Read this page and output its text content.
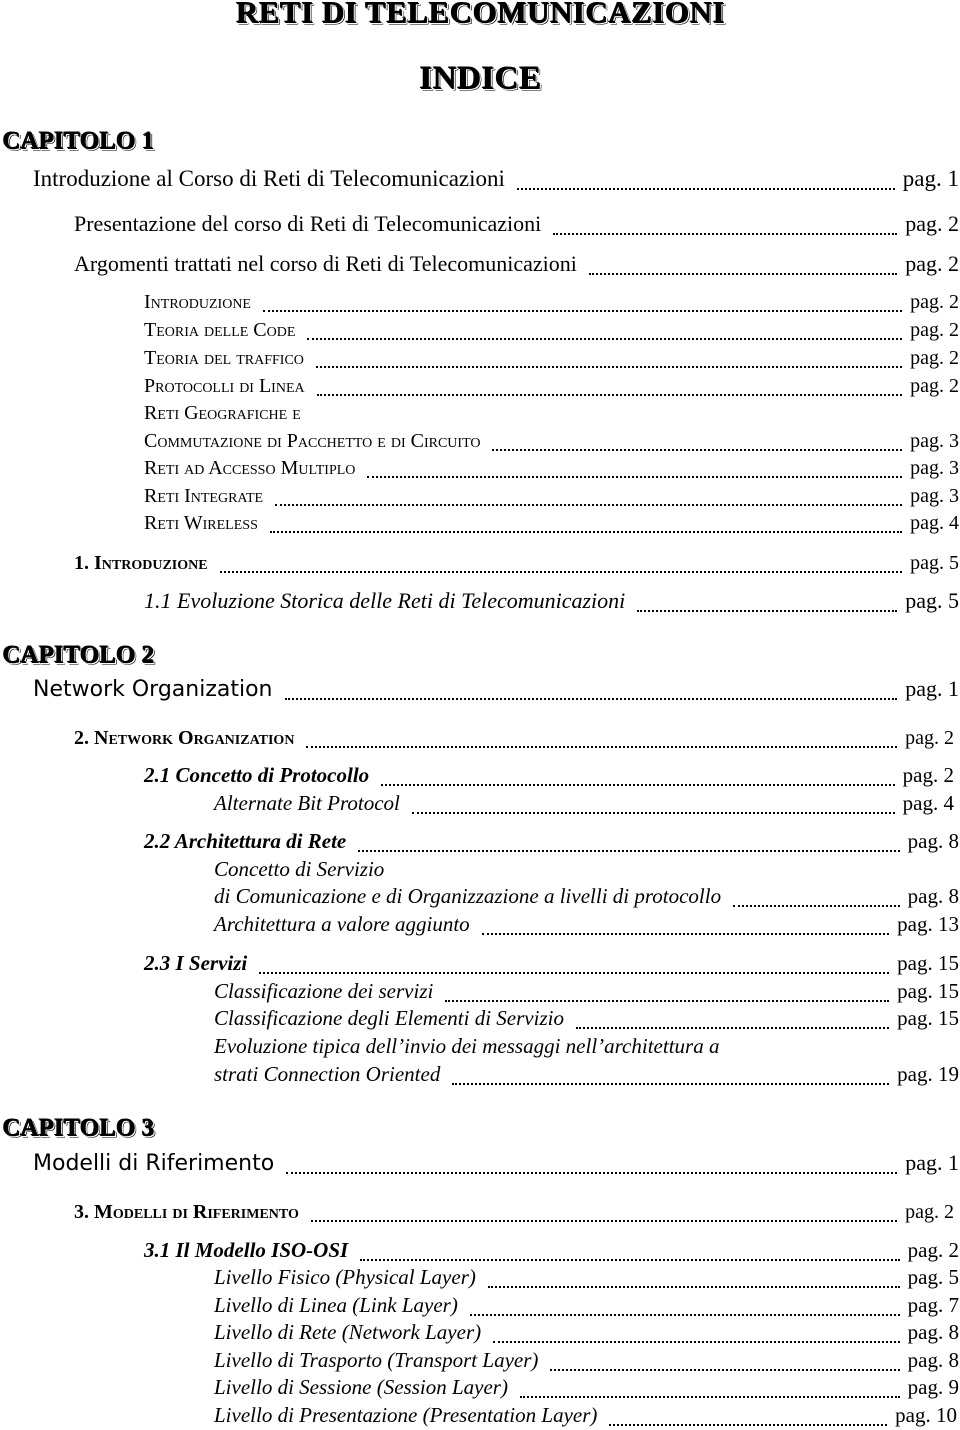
RETI DI TELECOMUNICAZIONI
INDICE
CAPITOLO 1
Introduzione al Corso di Reti di Telecomunicazioni	pag. 1
Presentazione del corso di Reti di Telecomunicazioni	pag. 2
Argomenti trattati nel corso di Reti di Telecomunicazioni	pag. 2
Introduzione	pag. 2
Teoria delle Code	pag. 2
Teoria del traffico	pag. 2
Protocolli di Linea	pag. 2
Reti Geografiche e
Commutazione di Pacchetto e di Circuito	pag. 3
Reti ad Accesso Multiplo	pag. 3
Reti Integrate	pag. 3
Reti Wireless	pag. 4
1. Introduzione	pag. 5
1.1 Evoluzione Storica delle Reti di Telecomunicazioni	pag. 5
CAPITOLO 2
Network Organization	pag. 1
2. Network Organization	pag. 2
2.1 Concetto di Protocollo	pag. 2
Alternate Bit Protocol	pag. 4
2.2 Architettura di Rete	pag. 8
Concetto di Servizio
di Comunicazione e di Organizzazione a livelli di protocollo	pag. 8
Architettura a valore aggiunto	pag. 13
2.3 I Servizi	pag. 15
Classificazione dei servizi	pag. 15
Classificazione degli Elementi di Servizio	pag. 15
Evoluzione tipica dell’invio dei messaggi nell’architettura a
strati Connection Oriented	pag. 19
CAPITOLO 3
Modelli di Riferimento	pag. 1
3. Modelli di Riferimento	pag. 2
3.1 Il Modello ISO-OSI	pag. 2
Livello Fisico (Physical Layer)	pag. 5
Livello di Linea (Link Layer)	pag. 7
Livello di Rete (Network Layer)	pag. 8
Livello di Trasporto (Transport Layer)	pag. 8
Livello di Sessione (Session Layer)	pag. 9
Livello di Presentazione (Presentation Layer)	pag. 10
